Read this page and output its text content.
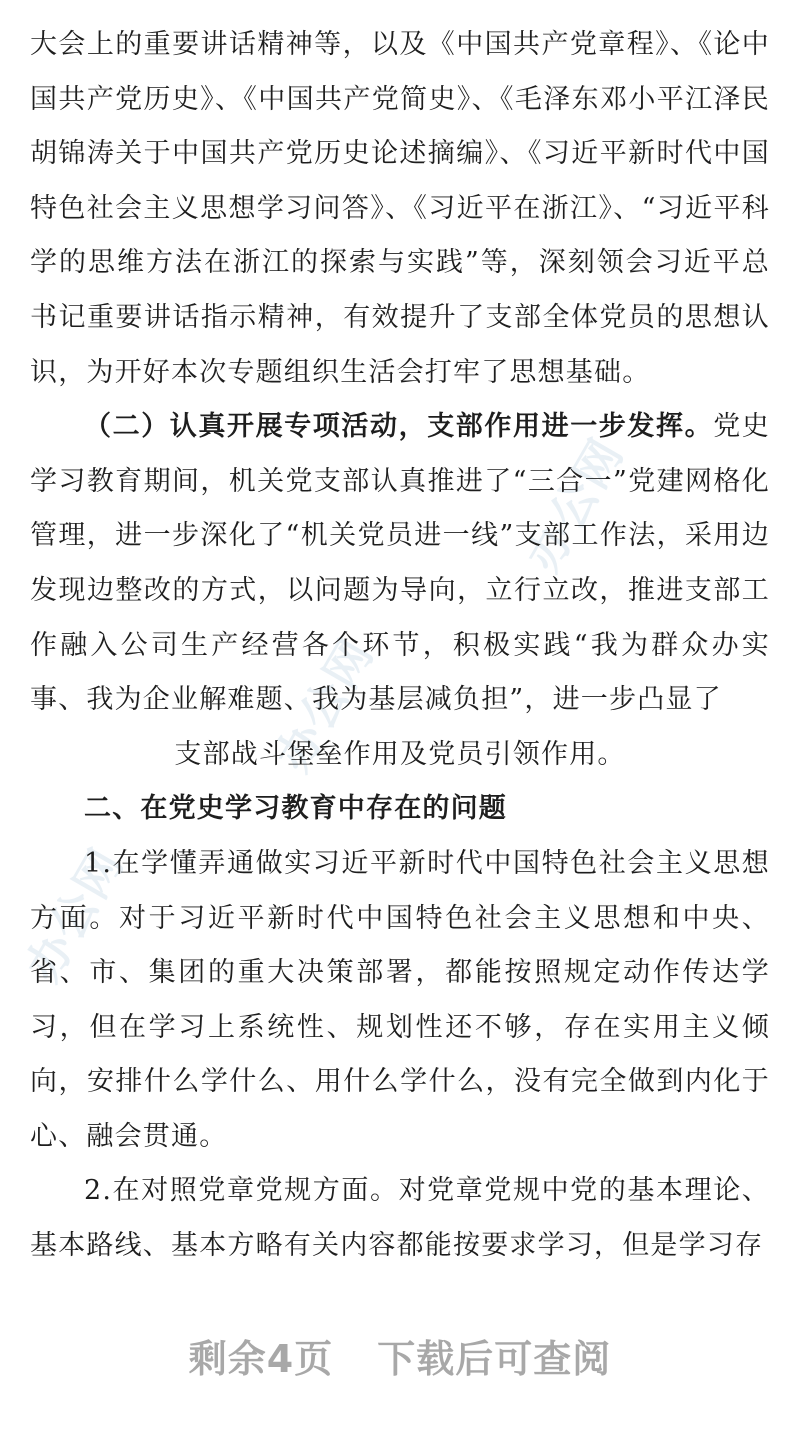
办公网
办公网
办公网

大会上的重要讲话精神等，以及《中国共产党章程》、《论中国共产党历史》、《中国共产党简史》、《毛泽东邓小平江泽民胡锦涛关于中国共产党历史论述摘编》、《习近平新时代中国特色社会主义思想学习问答》、《习近平在浙江》、“习近平科学的思维方法在浙江的探索与实践”等，深刻领会习近平总书记重要讲话指示精神，有效提升了支部全体党员的思想认识，为开好本次专题组织生活会打牢了思想基础。

（二）认真开展专项活动，支部作用进一步发挥。党史学习教育期间，机关党支部认真推进了“三合一”党建网格化管理，进一步深化了“机关党员进一线”支部工作法，采用边发现边整改的方式，以问题为导向，立行立改，推进支部工作融入公司生产经营各个环节，积极实践“我为群众办实事、我为企业解难题、我为基层减负担”，进一步凸显了

支部战斗堡垒作用及党员引领作用。

二、在党史学习教育中存在的问题

1.在学懂弄通做实习近平新时代中国特色社会主义思想方面。对于习近平新时代中国特色社会主义思想和中央、省、市、集团的重大决策部署，都能按照规定动作传达学习，但在学习上系统性、规划性还不够，存在实用主义倾向，安排什么学什么、用什么学什么，没有完全做到内化于心、融会贯通。

2.在对照党章党规方面。对党章党规中党的基本理论、基本路线、基本方略有关内容都能按要求学习，但是学习存

剩余4页 下载后可查阅
